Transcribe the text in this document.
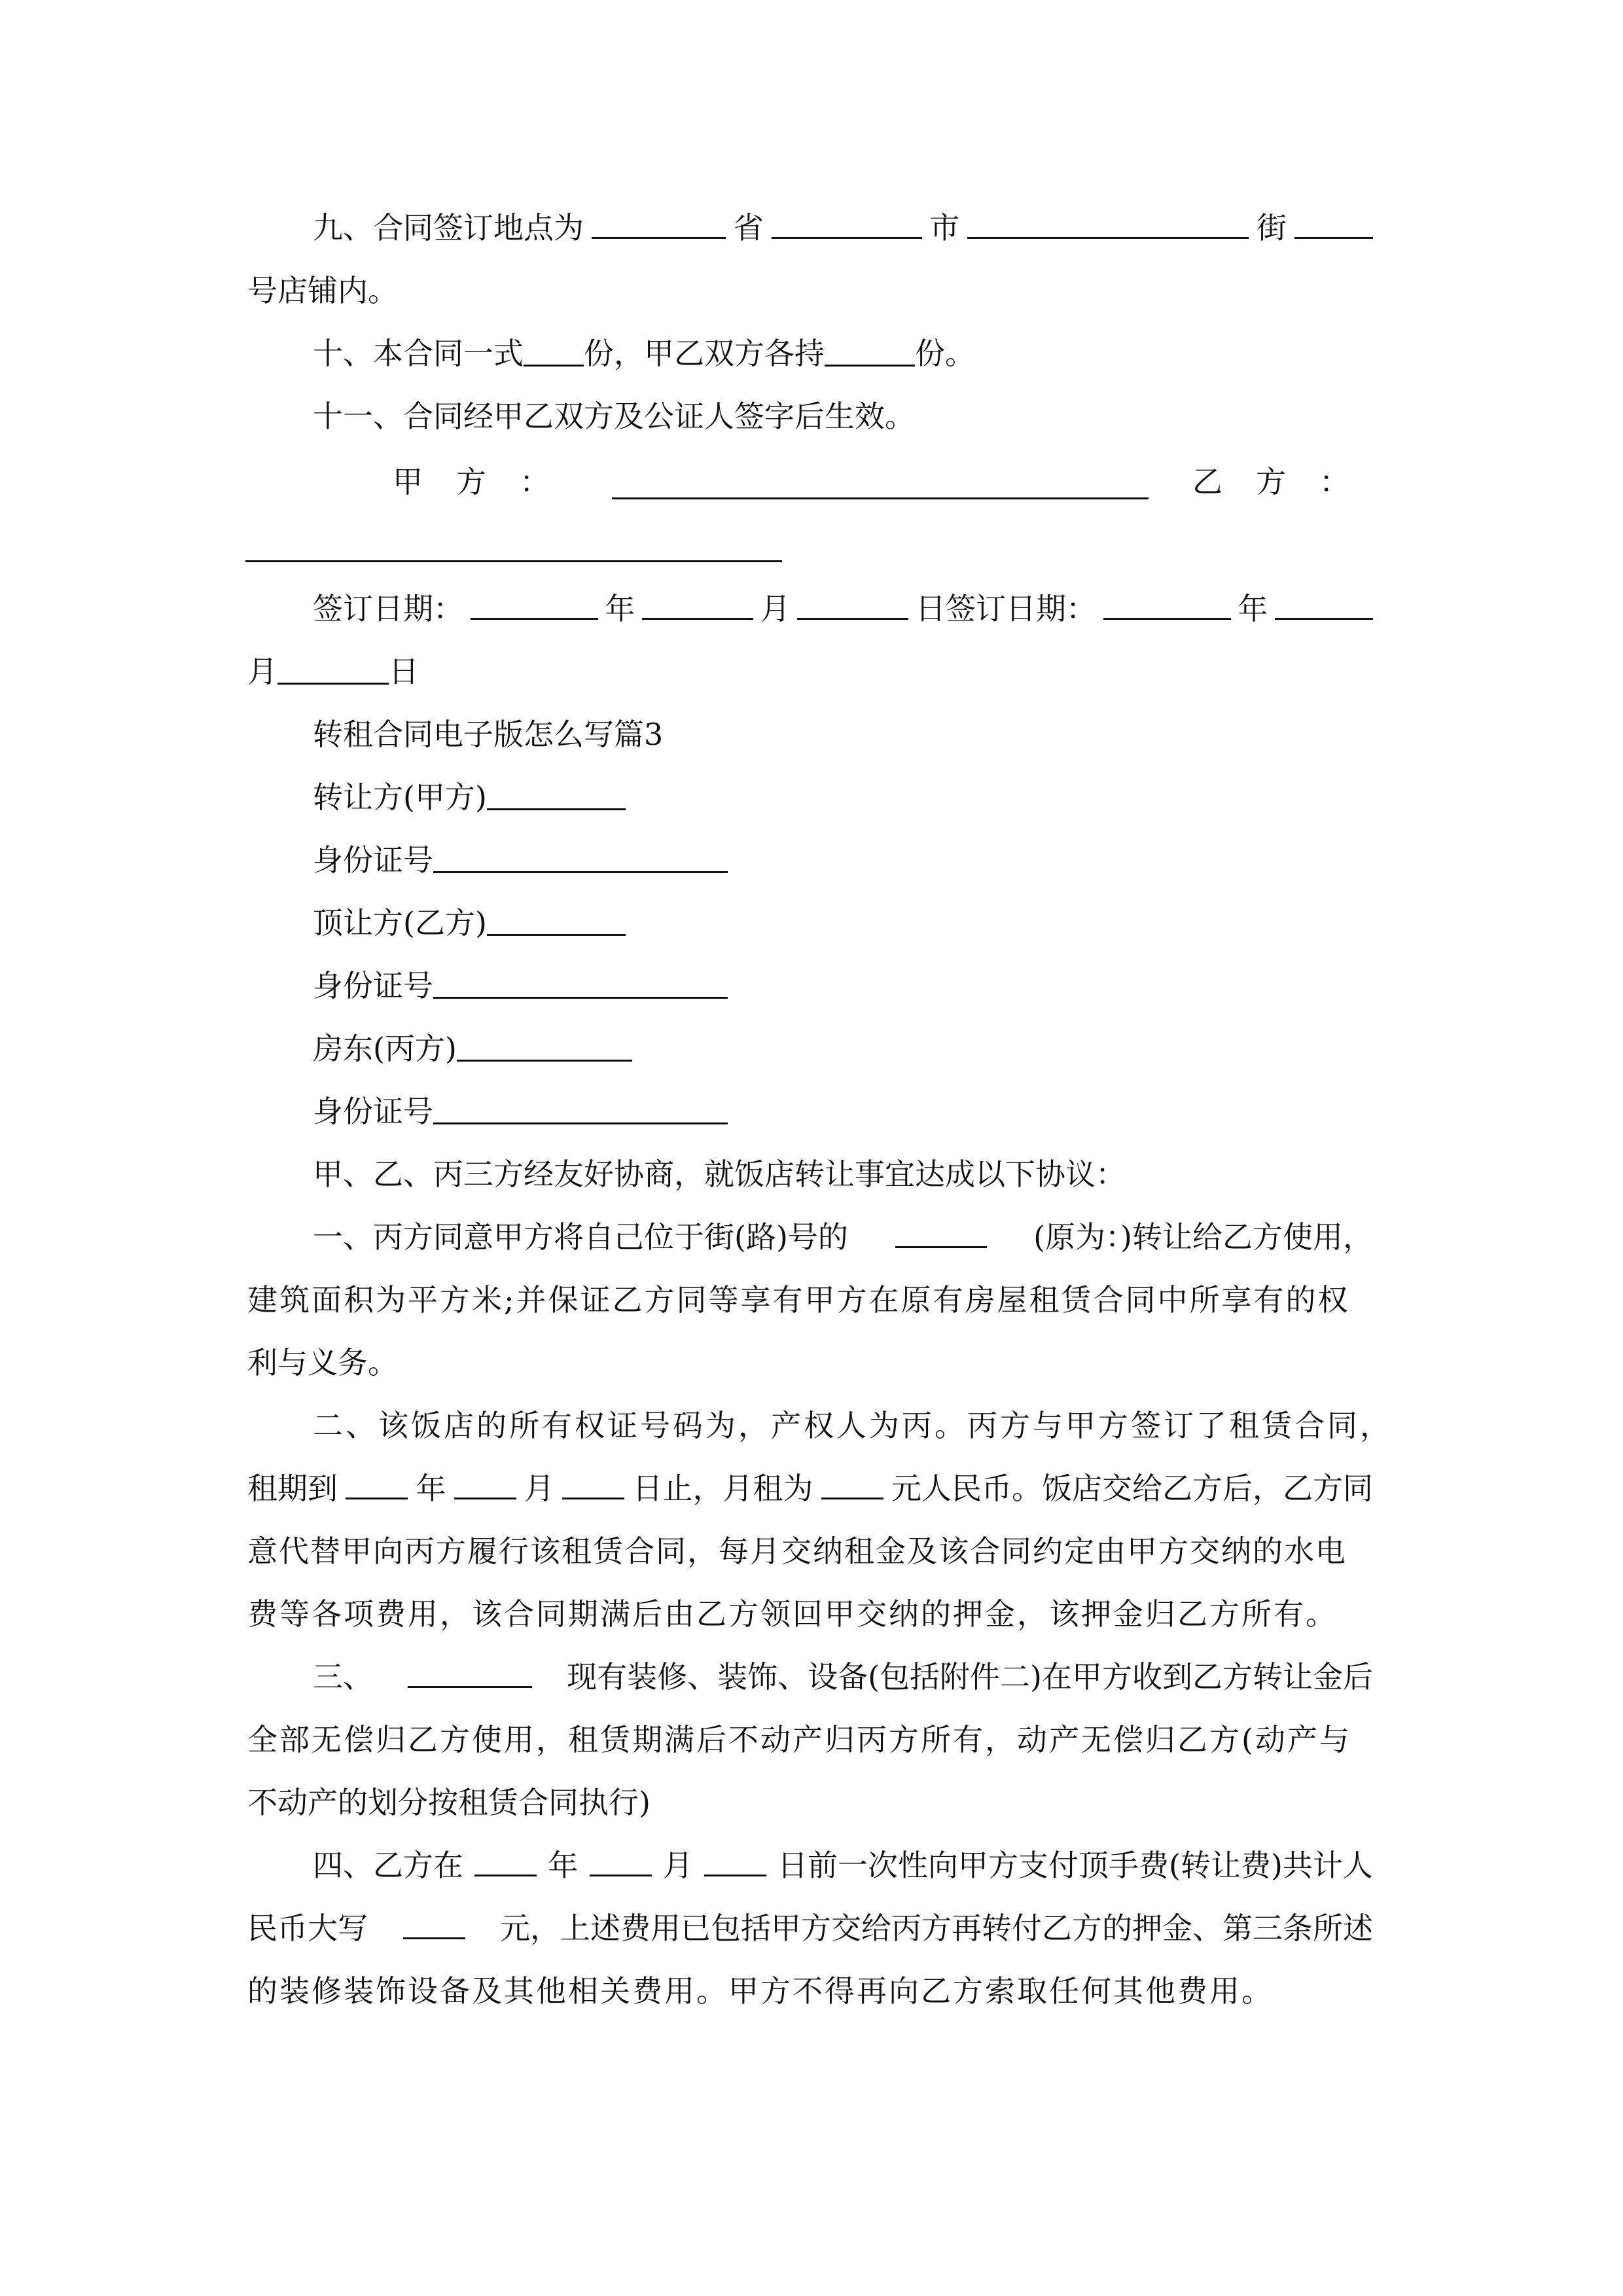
九、合同签订地点为	省	市	街
号店铺内。
十、本合同一式 份，甲乙双方各持	份。
十一、合同经甲乙双方及公证人签字后生效。
甲 方 ：	乙 方 ：
签订日期：	年	月	日签订日期：	年
月	日
转租合同电子版怎么写篇3
转让方(甲方)
身份证号
顶让方(乙方)
身份证号
房东(丙方)
身份证号
甲、乙、丙三方经友好协商，就饭店转让事宜达成以下协议：
一、丙方同意甲方将自己位于街(路)号的	(原为：)转让给乙方使用，
建筑面积为平方米;并保证乙方同等享有甲方在原有房屋租赁合同中所享有的权
利与义务。
二、该饭店的所有权证号码为，产权人为丙。丙方与甲方签订了租赁合同，
租期到	年	月	日止，月租为	元人民币。饭店交给乙方后，乙方同
意代替甲向丙方履行该租赁合同，每月交纳租金及该合同约定由甲方交纳的水电
费等各项费用，该合同期满后由乙方领回甲交纳的押金，该押金归乙方所有。
三、	现有装修、装饰、设备(包括附件二)在甲方收到乙方转让金后
全部无偿归乙方使用，租赁期满后不动产归丙方所有，动产无偿归乙方(动产与
不动产的划分按租赁合同执行)
四、乙方在	年	月	日前一次性向甲方支付顶手费(转让费)共计人
民币大写	元，上述费用已包括甲方交给丙方再转付乙方的押金、第三条所述
的装修装饰设备及其他相关费用。甲方不得再向乙方索取任何其他费用。
